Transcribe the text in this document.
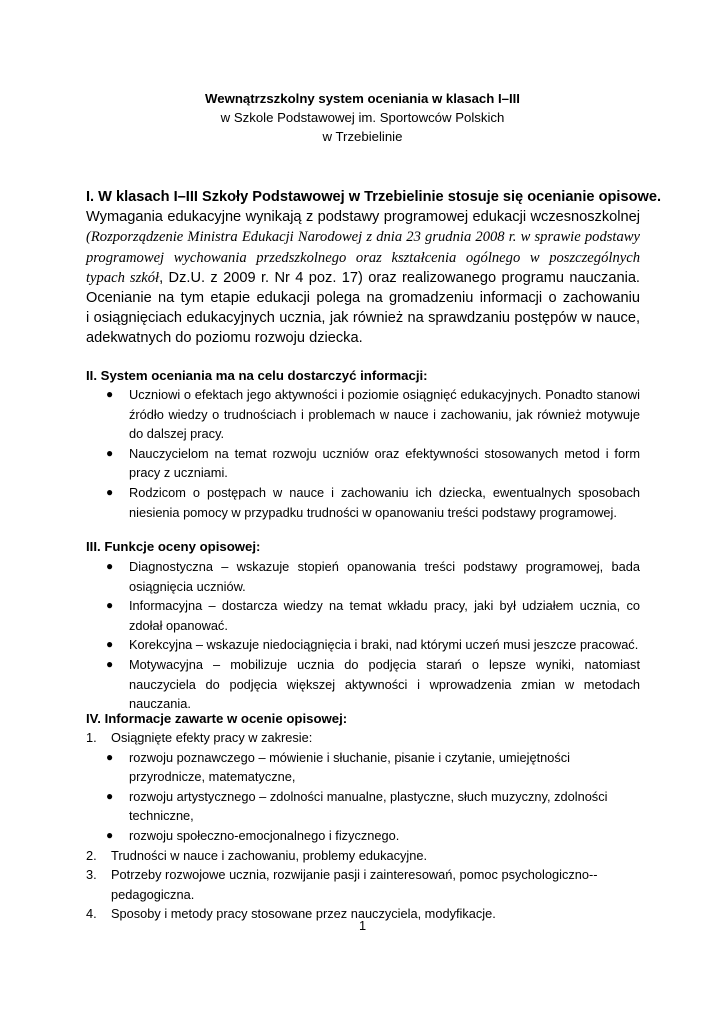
Wewnątrzszkolny system oceniania w klasach I–III
w Szkole Podstawowej im. Sportowców Polskich
w Trzebielinie
I. W klasach I–III Szkoły Podstawowej w Trzebielinie stosuje się ocenianie opisowe.
Wymagania edukacyjne wynikają z podstawy programowej edukacji wczesnoszkolnej
(Rozporządzenie Ministra Edukacji Narodowej z dnia 23 grudnia 2008 r. w sprawie podstawy
programowej wychowania przedszkolnego oraz kształcenia ogólnego w poszczególnych
typach szkół, Dz.U. z 2009 r. Nr 4 poz. 17) oraz realizowanego programu nauczania.
Ocenianie na tym etapie edukacji polega na gromadzeniu informacji o zachowaniu
i osiągnięciach edukacyjnych ucznia, jak również na sprawdzaniu postępów w nauce,
adekwatnych do poziomu rozwoju dziecka.
II. System oceniania ma na celu dostarczyć informacji:
● Uczniowi o efektach jego aktywności i poziomie osiągnięć edukacyjnych. Ponadto stanowi źródło wiedzy o trudnościach i problemach w nauce i zachowaniu, jak również motywuje do dalszej pracy.
● Nauczycielom na temat rozwoju uczniów oraz efektywności stosowanych metod i form pracy z uczniami.
● Rodzicom o postępach w nauce i zachowaniu ich dziecka, ewentualnych sposobach niesienia pomocy w przypadku trudności w opanowaniu treści podstawy programowej.
III. Funkcje oceny opisowej:
● Diagnostyczna – wskazuje stopień opanowania treści podstawy programowej, bada osiągnięcia uczniów.
● Informacyjna – dostarcza wiedzy na temat wkładu pracy, jaki był udziałem ucznia, co zdołał opanować.
● Korekcyjna – wskazuje niedociągnięcia i braki, nad którymi uczeń musi jeszcze pracować.
● Motywacyjna – mobilizuje ucznia do podjęcia starań o lepsze wyniki, natomiast nauczyciela do podjęcia większej aktywności i wprowadzenia zmian w metodach nauczania.
IV. Informacje zawarte w ocenie opisowej:
1. Osiągnięte efekty pracy w zakresie:
● rozwoju poznawczego – mówienie i słuchanie, pisanie i czytanie, umiejętności przyrodnicze, matematyczne,
● rozwoju artystycznego – zdolności manualne, plastyczne, słuch muzyczny, zdolności techniczne,
● rozwoju społeczno-emocjonalnego i fizycznego.
2. Trudności w nauce i zachowaniu, problemy edukacyjne.
3. Potrzeby rozwojowe ucznia, rozwijanie pasji i zainteresowań, pomoc psychologiczno--pedagogiczna.
4. Sposoby i metody pracy stosowane przez nauczyciela, modyfikacje.
1
